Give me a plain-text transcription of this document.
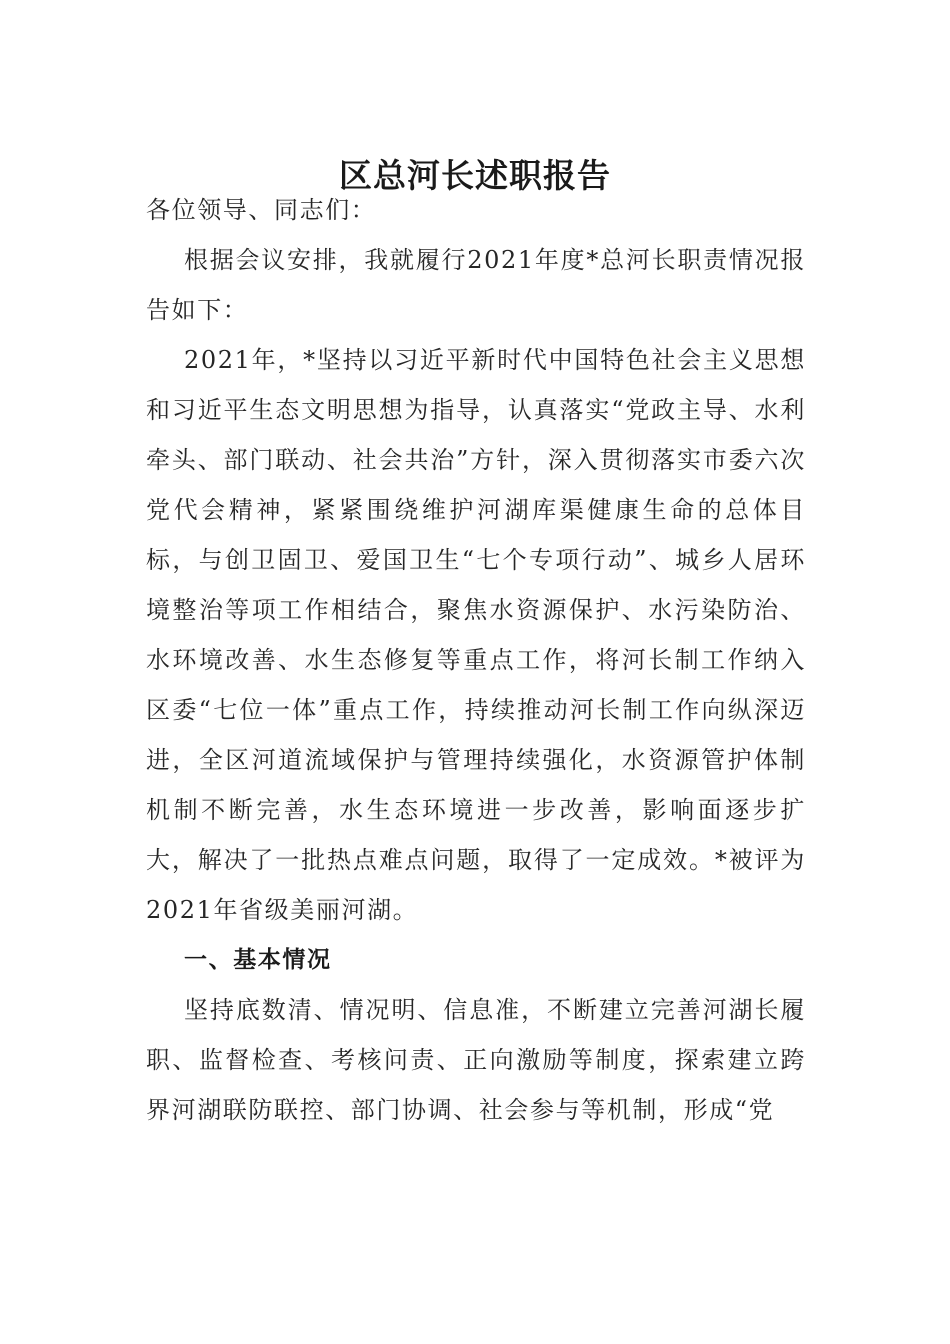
区总河长述职报告

各位领导、同志们：

根据会议安排，我就履行2021年度*总河长职责情况报告如下：

2021年，*坚持以习近平新时代中国特色社会主义思想和习近平生态文明思想为指导，认真落实“党政主导、水利牵头、部门联动、社会共治”方针，深入贯彻落实市委六次党代会精神，紧紧围绕维护河湖库渠健康生命的总体目标，与创卫固卫、爱国卫生“七个专项行动”、城乡人居环境整治等项工作相结合，聚焦水资源保护、水污染防治、水环境改善、水生态修复等重点工作，将河长制工作纳入区委“七位一体”重点工作，持续推动河长制工作向纵深迈进，全区河道流域保护与管理持续强化，水资源管护体制机制不断完善，水生态环境进一步改善，影响面逐步扩大，解决了一批热点难点问题，取得了一定成效。*被评为2021年省级美丽河湖。

一、基本情况

坚持底数清、情况明、信息准，不断建立完善河湖长履职、监督检查、考核问责、正向激励等制度，探索建立跨界河湖联防联控、部门协调、社会参与等机制，形成“党
